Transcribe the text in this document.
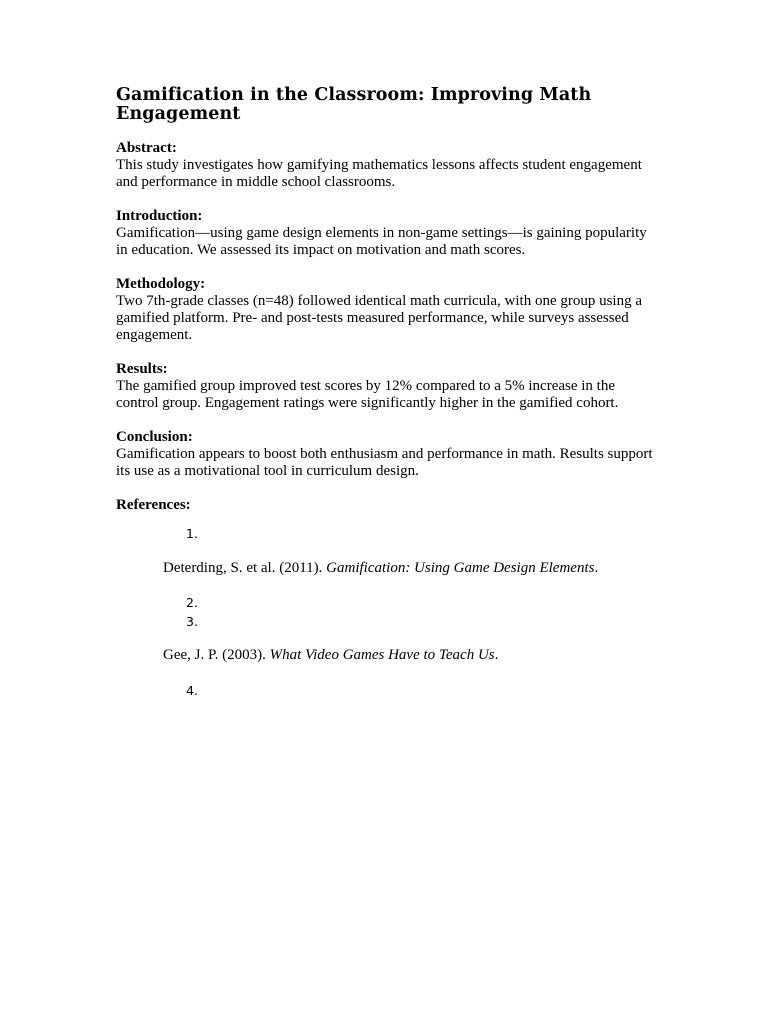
Gamification in the Classroom: Improving Math Engagement

Abstract:

This study investigates how gamifying mathematics lessons affects student engagement and performance in middle school classrooms.

Introduction:

Gamification—using game design elements in non-game settings—is gaining popularity in education. We assessed its impact on motivation and math scores.

Methodology:

Two 7th-grade classes (n=48) followed identical math curricula, with one group using a gamified platform. Pre- and post-tests measured performance, while surveys assessed engagement.

Results:

The gamified group improved test scores by 12% compared to a 5% increase in the control group. Engagement ratings were significantly higher in the gamified cohort.

Conclusion:

Gamification appears to boost both enthusiasm and performance in math. Results support its use as a motivational tool in curriculum design.

References:

1.
Deterding, S. et al. (2011). Gamification: Using Game Design Elements.
2.
3.
Gee, J. P. (2003). What Video Games Have to Teach Us.
4.
